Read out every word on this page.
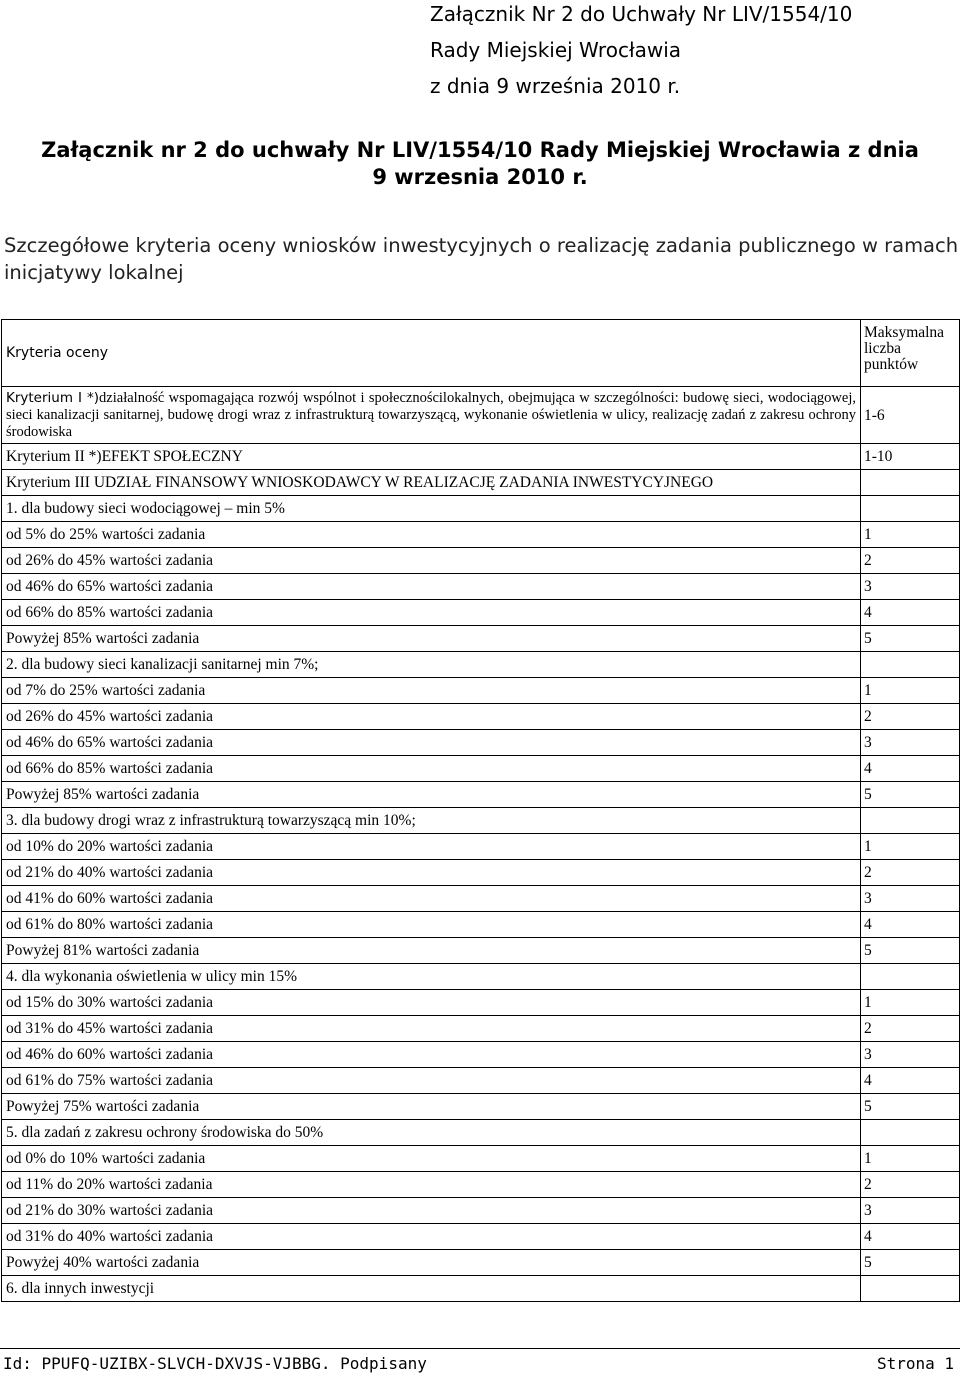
Załącznik Nr 2 do Uchwały Nr LIV/1554/10
Rady Miejskiej Wrocławia
z dnia 9 września 2010 r.
Załącznik nr 2 do uchwały Nr LIV/1554/10 Rady Miejskiej Wrocławia z dnia
9 wrzesnia 2010 r.
Szczegółowe kryteria oceny wniosków inwestycyjnych o realizację zadania publicznego w ramach inicjatywy lokalnej
Kryteria oceny	Maksymalna liczba punktów
Kryterium I *)działalność wspomagająca rozwój wspólnot i społecznościlokalnych, obejmująca w szczególności: budowę sieci, wodociągowej, sieci kanalizacji sanitarnej, budowę drogi wraz z infrastrukturą towarzyszącą, wykonanie oświetlenia w ulicy, realizację zadań z zakresu ochrony środowiska	1-6
Kryterium II *)EFEKT SPOŁECZNY	1-10
Kryterium III UDZIAŁ FINANSOWY WNIOSKODAWCY W REALIZACJĘ ZADANIA INWESTYCYJNEGO	
1. dla budowy sieci wodociągowej – min 5%	
od 5% do 25% wartości zadania	1
od 26% do 45% wartości zadania	2
od 46% do 65% wartości zadania	3
od 66% do 85% wartości zadania	4
Powyżej 85% wartości zadania	5
2. dla budowy sieci kanalizacji sanitarnej min 7%;	
od 7% do 25% wartości zadania	1
od 26% do 45% wartości zadania	2
od 46% do 65% wartości zadania	3
od 66% do 85% wartości zadania	4
Powyżej 85% wartości zadania	5
3. dla budowy drogi wraz z infrastrukturą towarzyszącą min 10%;	
od 10% do 20% wartości zadania	1
od 21% do 40% wartości zadania	2
od 41% do 60% wartości zadania	3
od 61% do 80% wartości zadania	4
Powyżej 81% wartości zadania	5
4. dla wykonania oświetlenia w ulicy min 15%	
od 15% do 30% wartości zadania	1
od 31% do 45% wartości zadania	2
od 46% do 60% wartości zadania	3
od 61% do 75% wartości zadania	4
Powyżej 75% wartości zadania	5
5. dla zadań z zakresu ochrony środowiska do 50%	
od 0% do 10% wartości zadania	1
od 11% do 20% wartości zadania	2
od 21% do 30% wartości zadania	3
od 31% do 40% wartości zadania	4
Powyżej 40% wartości zadania	5
6. dla innych inwestycji	
Id: PPUFQ-UZIBX-SLVCH-DXVJS-VJBBG. Podpisany	Strona 1
